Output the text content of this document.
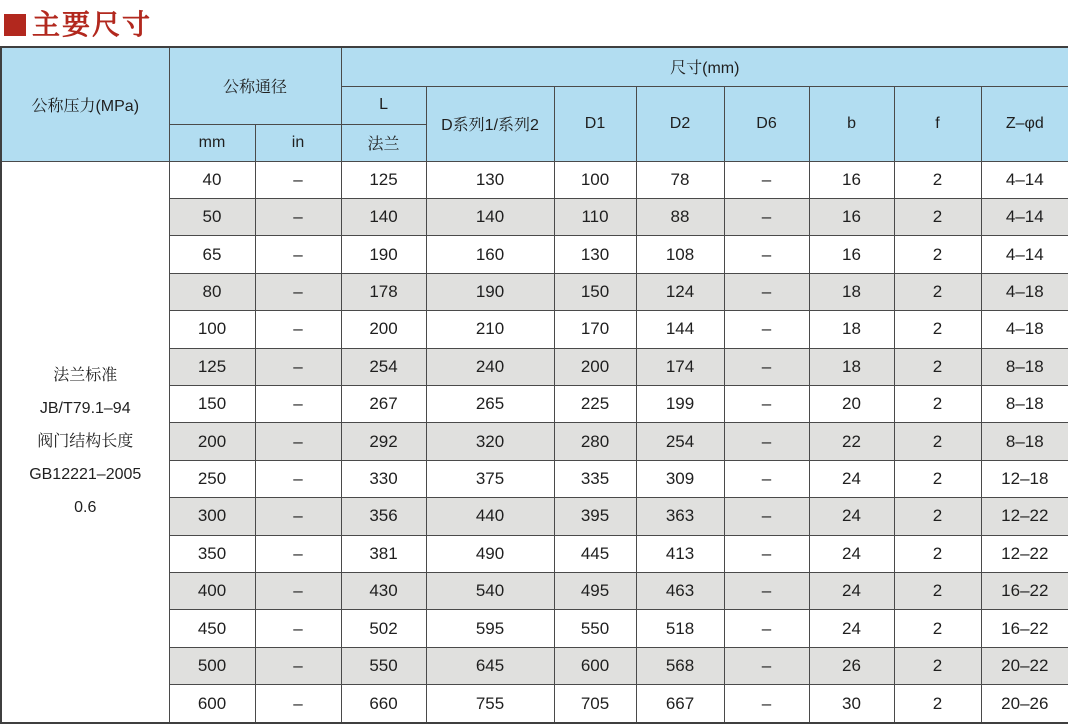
主要尺寸
公称压力(MPa)	公称通径		尺寸(mm)							
			L	D系列1/系列2	D1	D2	D6	b	f	Z–φd
	mm	in	法兰							

法兰标准
JB/T79.1–94
阀门结构长度
GB12221–2005
0.6	40	–	125	130	100	78	–	16	2	4–14
	50	–	140	140	110	88	–	16	2	4–14
	65	–	190	160	130	108	–	16	2	4–14
	80	–	178	190	150	124	–	18	2	4–18
	100	–	200	210	170	144	–	18	2	4–18
	125	–	254	240	200	174	–	18	2	8–18
	150	–	267	265	225	199	–	20	2	8–18
	200	–	292	320	280	254	–	22	2	8–18
	250	–	330	375	335	309	–	24	2	12–18
	300	–	356	440	395	363	–	24	2	12–22
	350	–	381	490	445	413	–	24	2	12–22
	400	–	430	540	495	463	–	24	2	16–22
	450	–	502	595	550	518	–	24	2	16–22
	500	–	550	645	600	568	–	26	2	20–22
	600	–	660	755	705	667	–	30	2	20–26
